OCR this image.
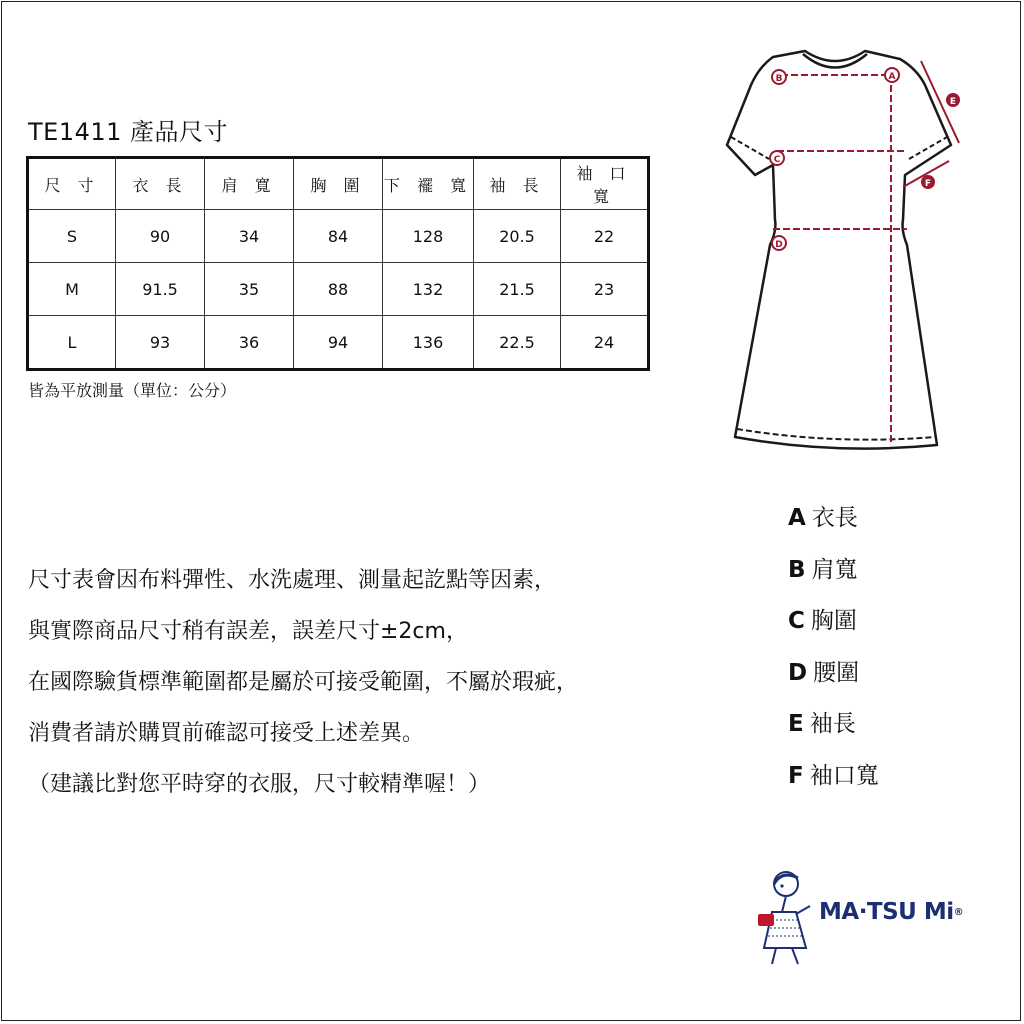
TE1411 產品尺寸
尺 寸	衣 長	肩 寬	胸 圍	下 襬 寬	袖 長	袖 口 寬
S	90	34	84	128	20.5	22
M	91.5	35	88	132	21.5	23
L	93	36	94	136	22.5	24
皆為平放測量（單位：公分）
尺寸表會因布料彈性、水洗處理、測量起訖點等因素，
與實際商品尺寸稍有誤差，誤差尺寸±2cm，
在國際驗貨標準範圍都是屬於可接受範圍，不屬於瑕疵，
消費者請於購買前確認可接受上述差異。
（建議比對您平時穿的衣服，尺寸較精準喔！）
A
B
C
D
E
F
A 衣長
B 肩寬
C 胸圍
D 腰圍
E 袖長
F 袖口寬
MA·TSU Mi®
